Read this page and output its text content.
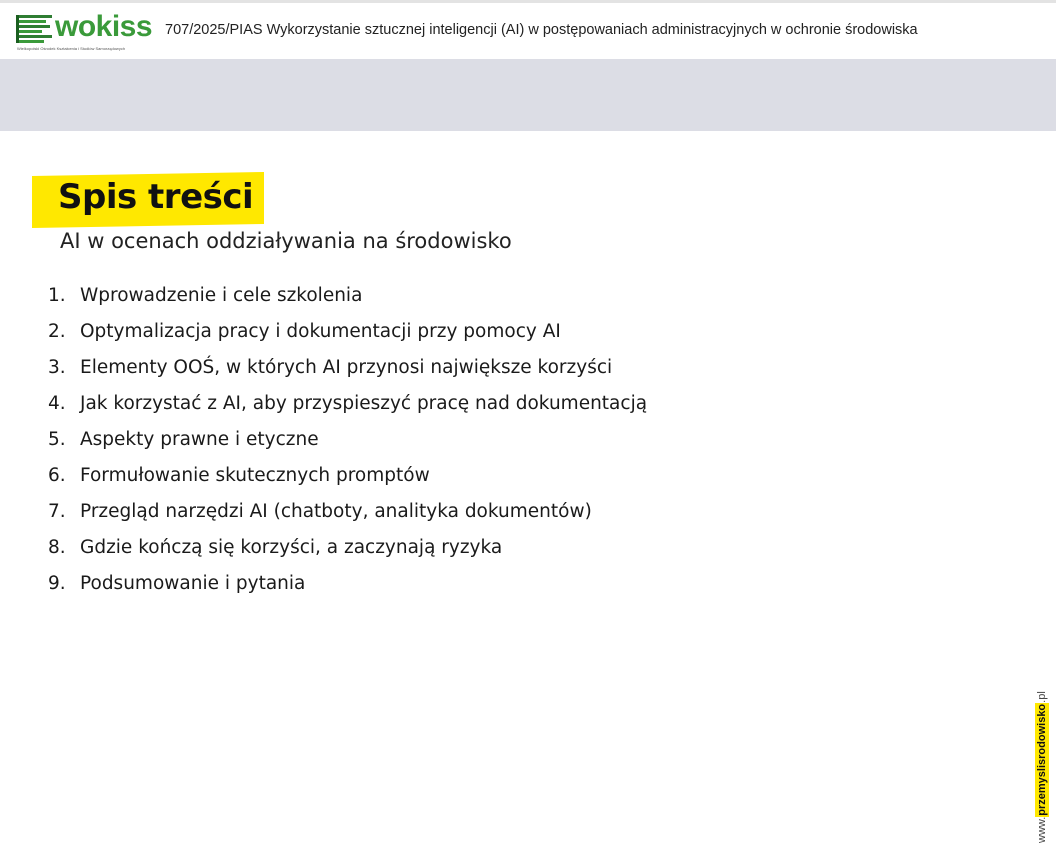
wokiss
Wielkopolski Ośrodek Kształcenia i Studiów Samorządowych
707/2025/PIAS Wykorzystanie sztucznej inteligencji (AI) w postępowaniach administracyjnych w ochronie środowiska
Spis treści
AI w ocenach oddziaływania na środowisko
1. Wprowadzenie i cele szkolenia
2. Optymalizacja pracy i dokumentacji przy pomocy AI
3. Elementy OOŚ, w których AI przynosi największe korzyści
4. Jak korzystać z AI, aby przyspieszyć pracę nad dokumentacją
5. Aspekty prawne i etyczne
6. Formułowanie skutecznych promptów
7. Przegląd narzędzi AI (chatboty, analityka dokumentów)
8. Gdzie kończą się korzyści, a zaczynają ryzyka
9. Podsumowanie i pytania
www.przemyslisrodowisko.pl
